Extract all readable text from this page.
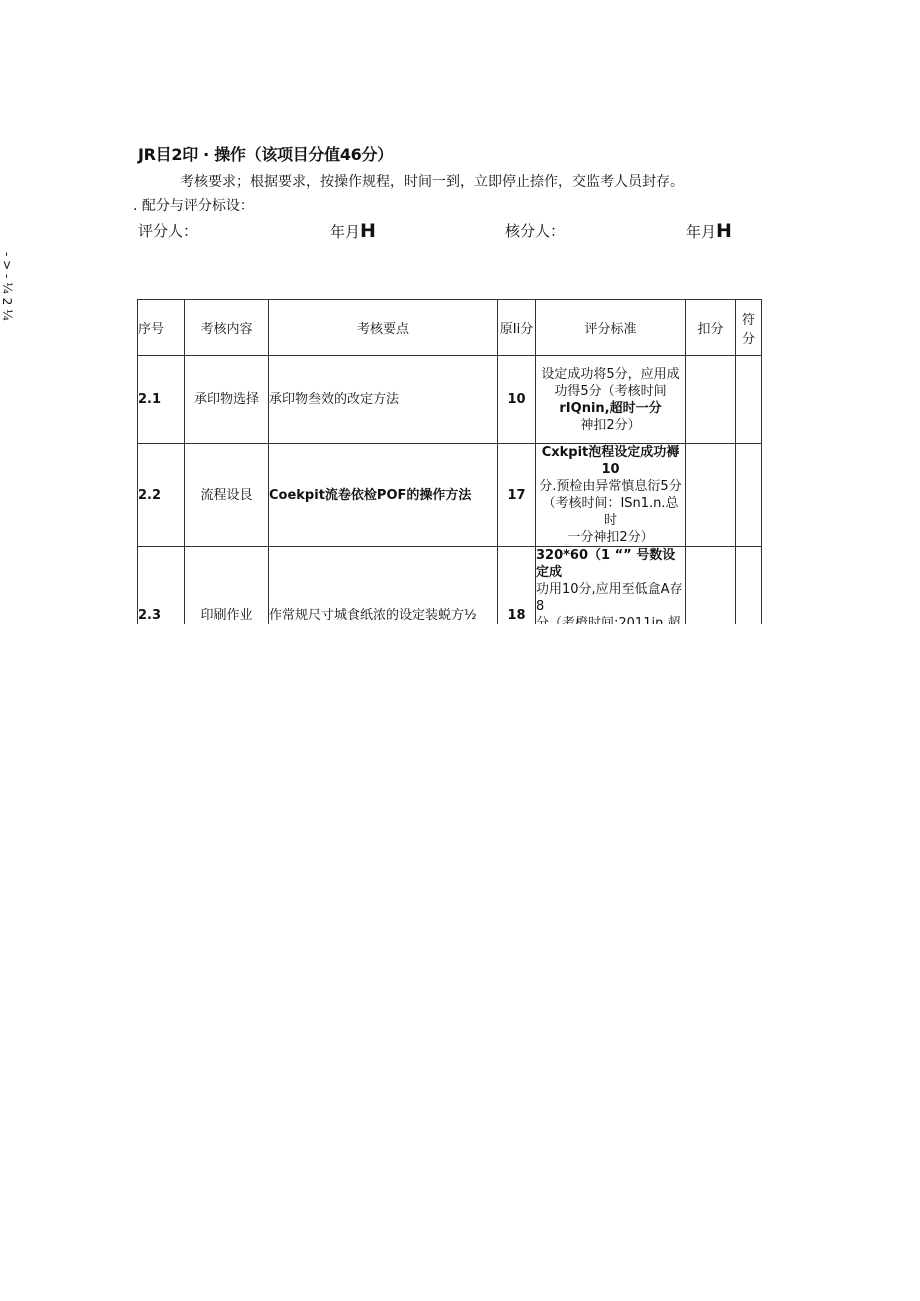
JR目2印 · 操作（该项目分值46分）
考核要求；根据要求，按操作规程，时间一到，立即停止捺作，交监考人员封存。
. 配分与评分标设：
评分人：	年月H	核分人：	年月H
- > - ¼ 2 ¼
序号	考核内容	考核要点	原Ii分	评分标准	扣分	符分
2.1	承印物选择	承印物叁效的改定方法	10	设定成功将5分，应用成
功得5分（考核时间
rIQnin,超时一分
神扣2分）		

2.2	流程设艮	Coekpit流卷依检POF的操作方法	17	Cxkpit泡程设定成功褥10
分.预检由异常慎息衍5分
（考核时间：ISn1.n.总时
一分神扣2分）		

2.3	印刷作业	作常规尺寸城食纸浓的设定装蜕方½	18	320*60（1 “” 号数设定成
功用10分,应用至低盒A存8		
